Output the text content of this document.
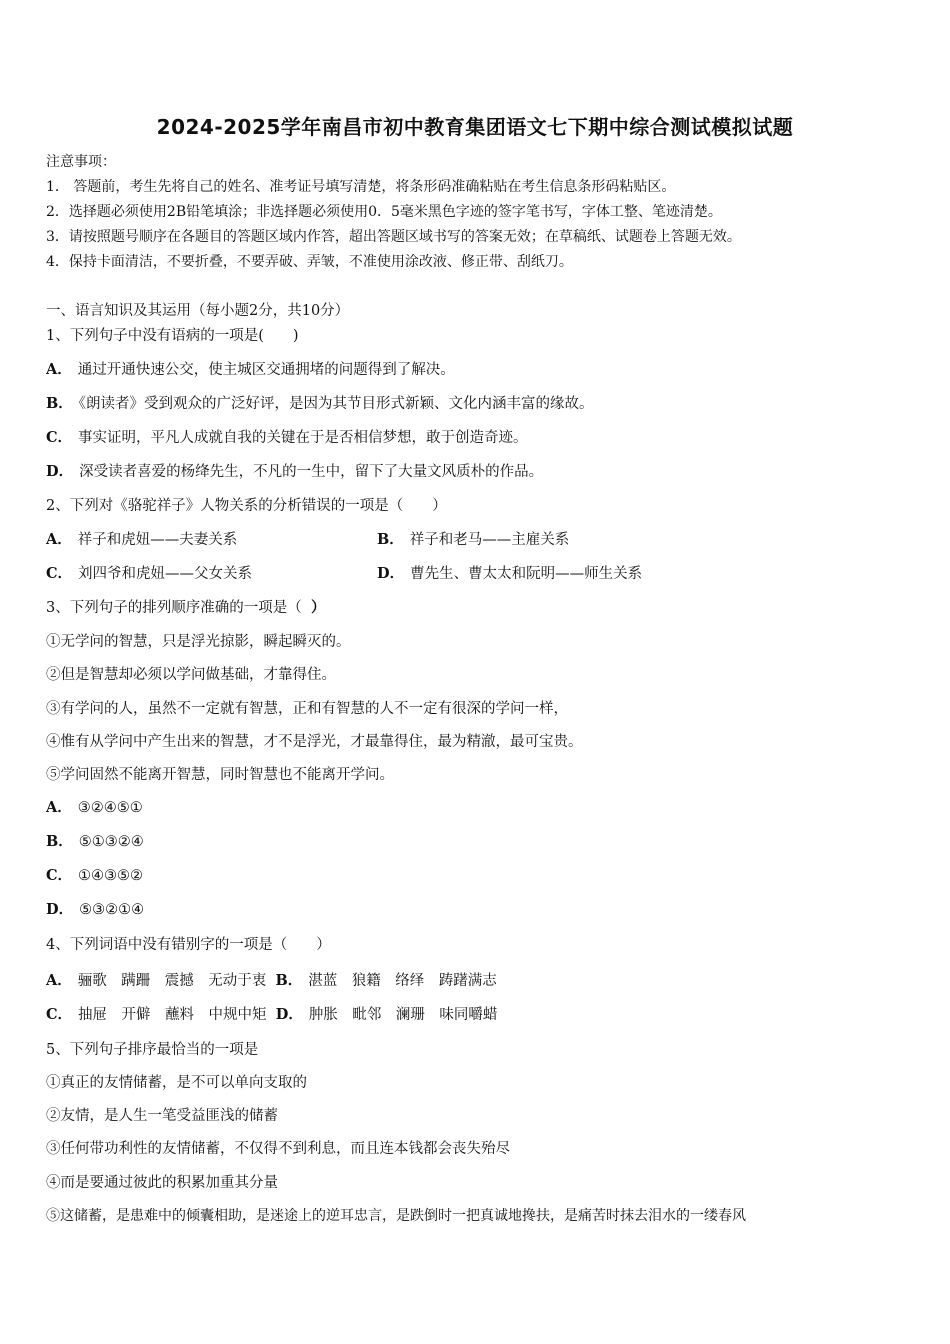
2024-2025学年南昌市初中教育集团语文七下期中综合测试模拟试题
注意事项：
1． 答题前，考生先将自己的姓名、准考证号填写清楚，将条形码准确粘贴在考生信息条形码粘贴区。
2．选择题必须使用2B铅笔填涂；非选择题必须使用0．5毫米黑色字迹的签字笔书写，字体工整、笔迹清楚。
3．请按照题号顺序在各题目的答题区域内作答，超出答题区域书写的答案无效；在草稿纸、试题卷上答题无效。
4．保持卡面清洁，不要折叠，不要弄破、弄皱，不准使用涂改液、修正带、刮纸刀。
一、语言知识及其运用（每小题2分，共10分）
1、下列句子中没有语病的一项是(　　)
A． 通过开通快速公交，使主城区交通拥堵的问题得到了解决。
B． 《朗读者》受到观众的广泛好评，是因为其节目形式新颖、文化内涵丰富的缘故。
C． 事实证明，平凡人成就自我的关键在于是否相信梦想，敢于创造奇迹。
D． 深受读者喜爱的杨绛先生，不凡的一生中，留下了大量文风质朴的作品。
2、下列对《骆驼祥子》人物关系的分析错误的一项是（　　）
A． 祥子和虎妞——夫妻关系	B． 祥子和老马——主雇关系
C． 刘四爷和虎妞——父女关系	D． 曹先生、曹太太和阮明——师生关系
3、下列句子的排列顺序准确的一项是（ ）
①无学问的智慧，只是浮光掠影，瞬起瞬灭的。
②但是智慧却必须以学问做基础，才靠得住。
③有学问的人，虽然不一定就有智慧，正和有智慧的人不一定有很深的学问一样，
④惟有从学问中产生出来的智慧，才不是浮光，才最靠得住，最为精澈，最可宝贵。
⑤学问固然不能离开智慧，同时智慧也不能离开学问。
A． ③②④⑤①
B． ⑤①③②④
C． ①④③⑤②
D． ⑤③②①④
4、下列词语中没有错别字的一项是（　　）
A． 骊歌　蹒跚　震撼　无动于衷 B． 湛蓝　狼籍　络绎　踌躇满志
C． 抽屉　开僻　蘸料　中规中矩 D． 肿胀　毗邻　澜珊　味同嚼蜡
5、下列句子排序最恰当的一项是
①真正的友情储蓄，是不可以单向支取的
②友情，是人生一笔受益匪浅的储蓄
③任何带功利性的友情储蓄，不仅得不到利息，而且连本钱都会丧失殆尽
④而是要通过彼此的积累加重其分量
⑤这储蓄，是患难中的倾囊相助，是迷途上的逆耳忠言，是跌倒时一把真诚地搀扶，是痛苦时抹去泪水的一缕春风
